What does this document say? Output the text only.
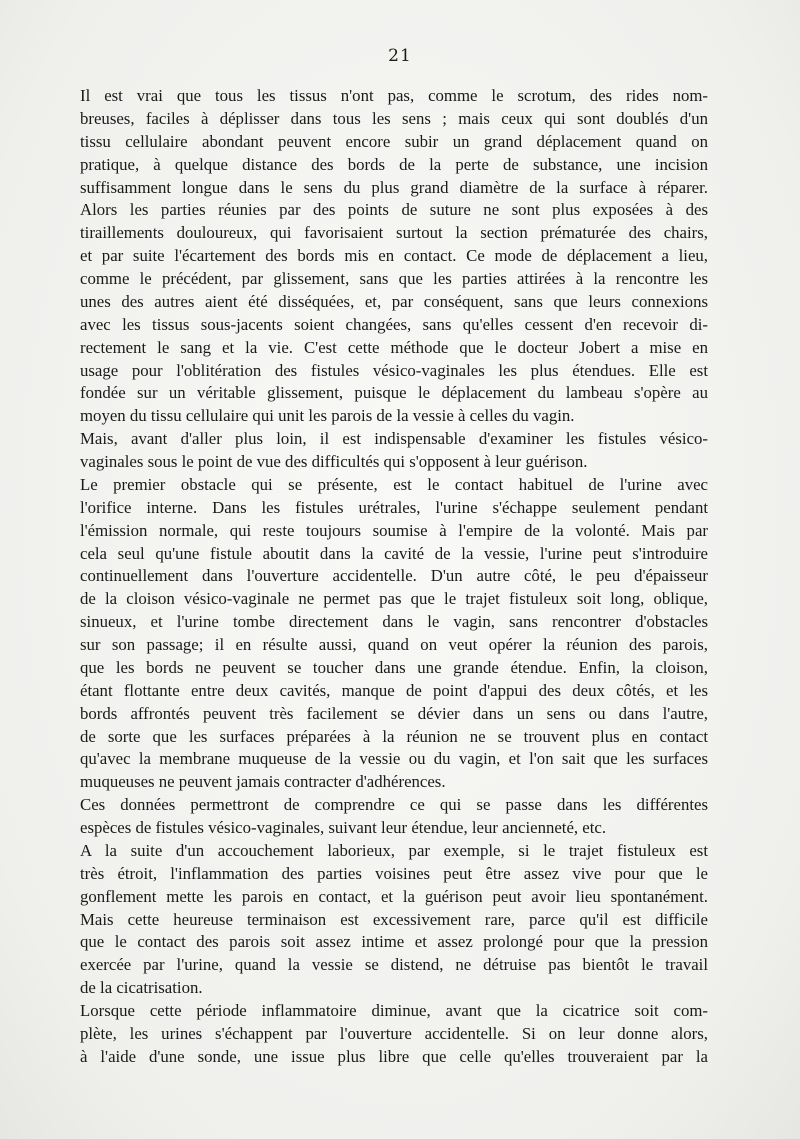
21
Il est vrai que tous les tissus n'ont pas, comme le scrotum, des rides nom-
breuses, faciles à déplisser dans tous les sens ; mais ceux qui sont doublés d'un
tissu cellulaire abondant peuvent encore subir un grand déplacement quand on
pratique, à quelque distance des bords de la perte de substance, une incision
suffisamment longue dans le sens du plus grand diamètre de la surface à réparer.
Alors les parties réunies par des points de suture ne sont plus exposées à des
tiraillements douloureux, qui favorisaient surtout la section prématurée des chairs,
et par suite l'écartement des bords mis en contact. Ce mode de déplacement a lieu,
comme le précédent, par glissement, sans que les parties attirées à la rencontre les
unes des autres aient été disséquées, et, par conséquent, sans que leurs connexions
avec les tissus sous-jacents soient changées, sans qu'elles cessent d'en recevoir di-
rectement le sang et la vie. C'est cette méthode que le docteur Jobert a mise en
usage pour l'oblitération des fistules vésico-vaginales les plus étendues. Elle est
fondée sur un véritable glissement, puisque le déplacement du lambeau s'opère au
moyen du tissu cellulaire qui unit les parois de la vessie à celles du vagin.
Mais, avant d'aller plus loin, il est indispensable d'examiner les fistules vésico-
vaginales sous le point de vue des difficultés qui s'opposent à leur guérison.
Le premier obstacle qui se présente, est le contact habituel de l'urine avec
l'orifice interne. Dans les fistules urétrales, l'urine s'échappe seulement pendant
l'émission normale, qui reste toujours soumise à l'empire de la volonté. Mais par
cela seul qu'une fistule aboutit dans la cavité de la vessie, l'urine peut s'introduire
continuellement dans l'ouverture accidentelle. D'un autre côté, le peu d'épaisseur
de la cloison vésico-vaginale ne permet pas que le trajet fistuleux soit long, oblique,
sinueux, et l'urine tombe directement dans le vagin, sans rencontrer d'obstacles
sur son passage; il en résulte aussi, quand on veut opérer la réunion des parois,
que les bords ne peuvent se toucher dans une grande étendue. Enfin, la cloison,
étant flottante entre deux cavités, manque de point d'appui des deux côtés, et les
bords affrontés peuvent très facilement se dévier dans un sens ou dans l'autre,
de sorte que les surfaces préparées à la réunion ne se trouvent plus en contact
qu'avec la membrane muqueuse de la vessie ou du vagin, et l'on sait que les surfaces
muqueuses ne peuvent jamais contracter d'adhérences.
Ces données permettront de comprendre ce qui se passe dans les différentes
espèces de fistules vésico-vaginales, suivant leur étendue, leur ancienneté, etc.
A la suite d'un accouchement laborieux, par exemple, si le trajet fistuleux est
très étroit, l'inflammation des parties voisines peut être assez vive pour que le
gonflement mette les parois en contact, et la guérison peut avoir lieu spontanément.
Mais cette heureuse terminaison est excessivement rare, parce qu'il est difficile
que le contact des parois soit assez intime et assez prolongé pour que la pression
exercée par l'urine, quand la vessie se distend, ne détruise pas bientôt le travail
de la cicatrisation.
Lorsque cette période inflammatoire diminue, avant que la cicatrice soit com-
plète, les urines s'échappent par l'ouverture accidentelle. Si on leur donne alors,
à l'aide d'une sonde, une issue plus libre que celle qu'elles trouveraient par la
